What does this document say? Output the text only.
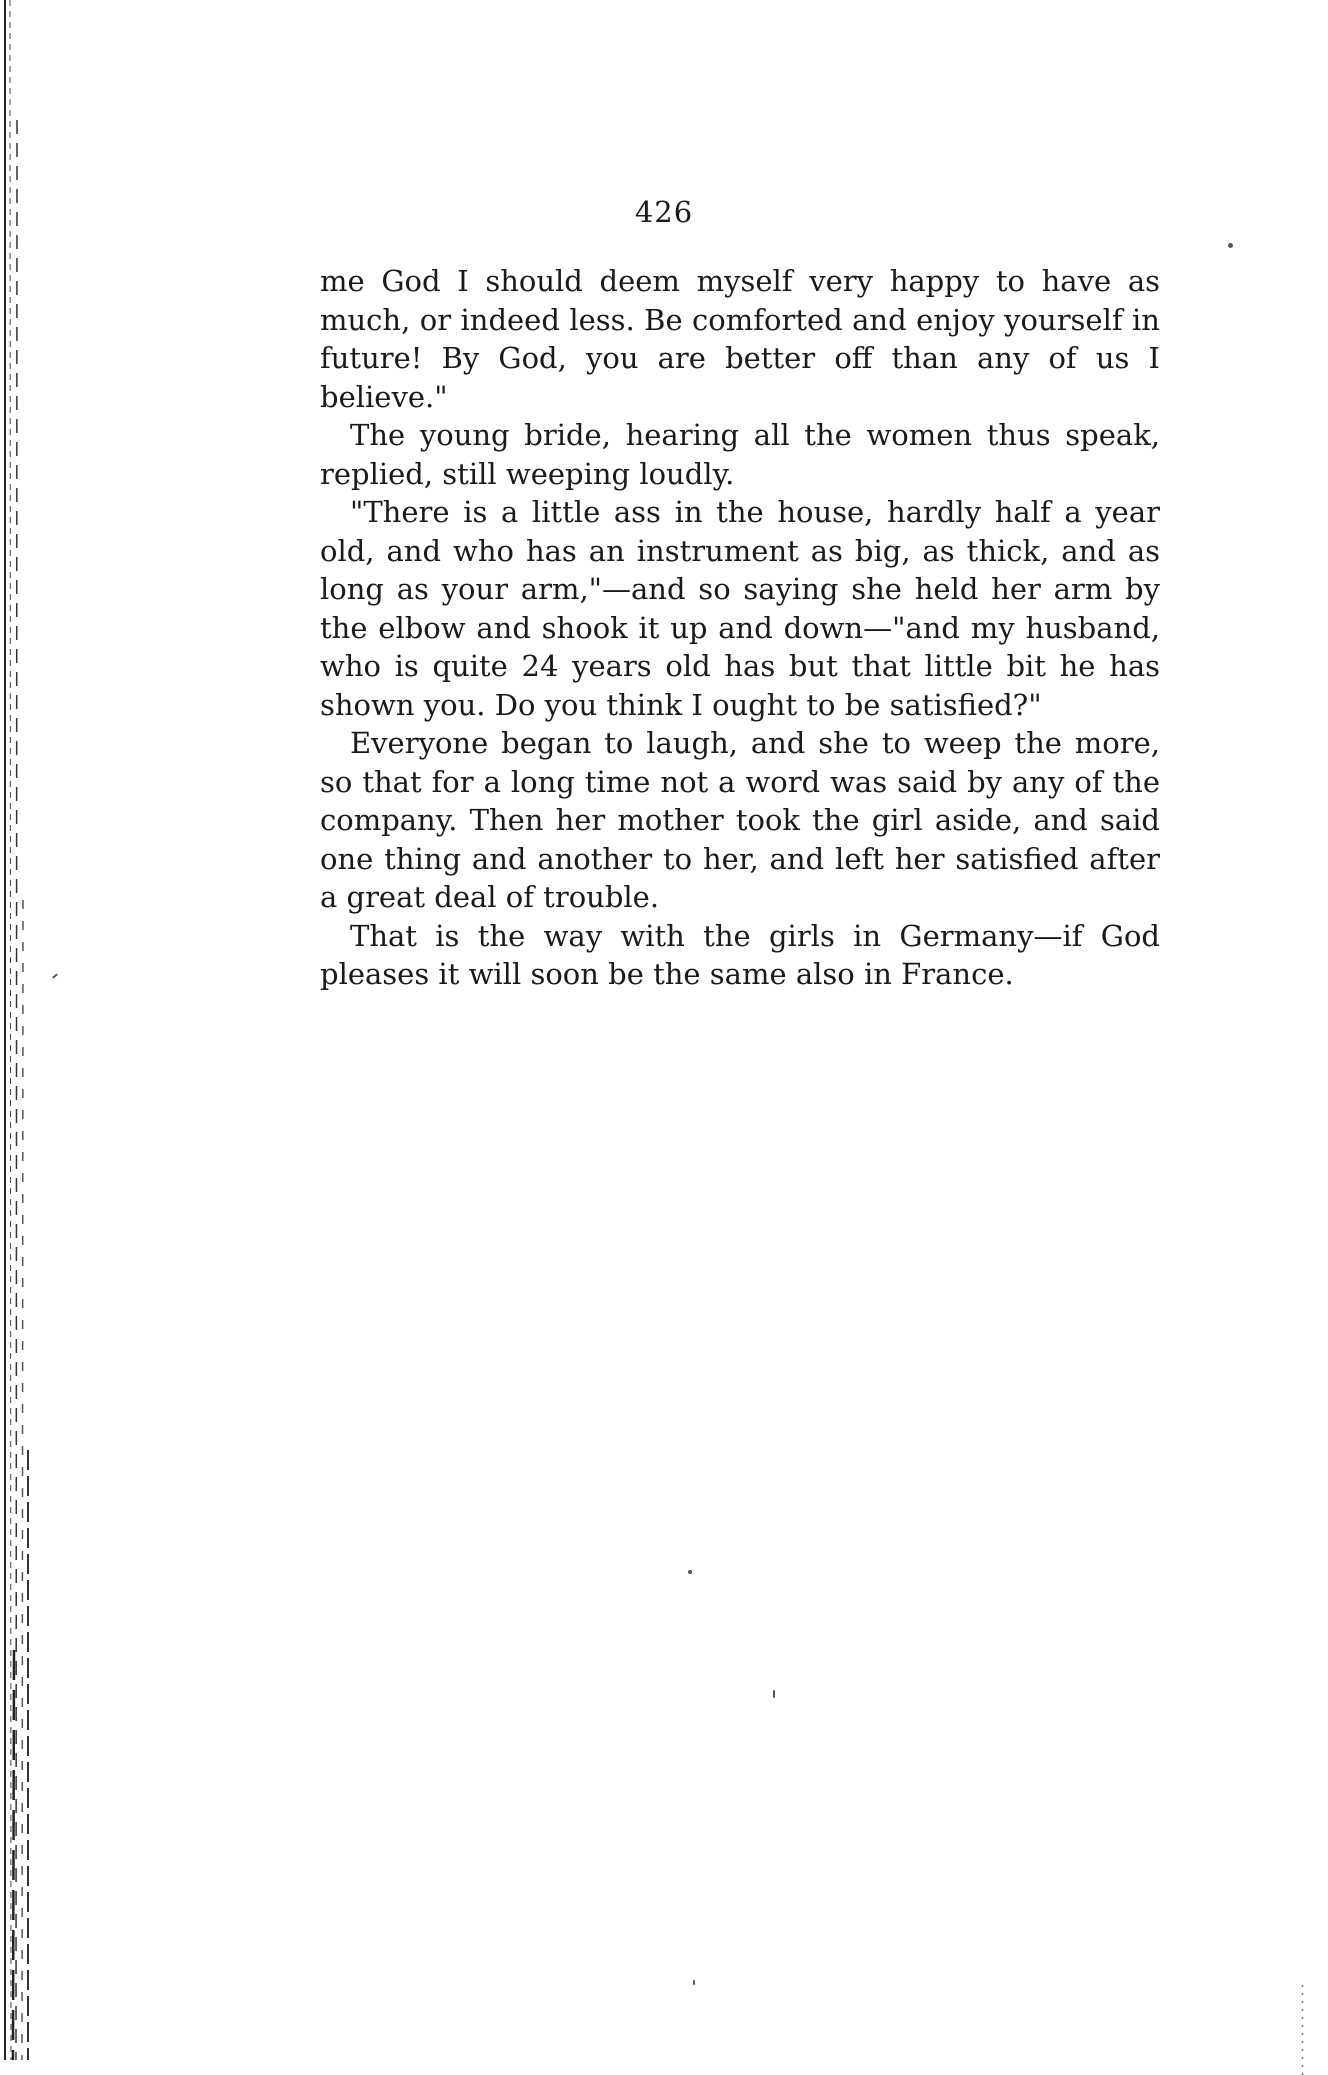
426

me God I should deem myself very happy to have as much, or indeed less. Be comforted and enjoy yourself in future! By God, you are better off than any of us I believe."

The young bride, hearing all the women thus speak, replied, still weeping loudly.

"There is a little ass in the house, hardly half a year old, and who has an instrument as big, as thick, and as long as your arm,"—and so saying she held her arm by the elbow and shook it up and down—"and my husband, who is quite 24 years old has but that little bit he has shown you. Do you think I ought to be satisfied?"

Everyone began to laugh, and she to weep the more, so that for a long time not a word was said by any of the company. Then her mother took the girl aside, and said one thing and another to her, and left her satisfied after a great deal of trouble.

That is the way with the girls in Germany—if God pleases it will soon be the same also in France.
